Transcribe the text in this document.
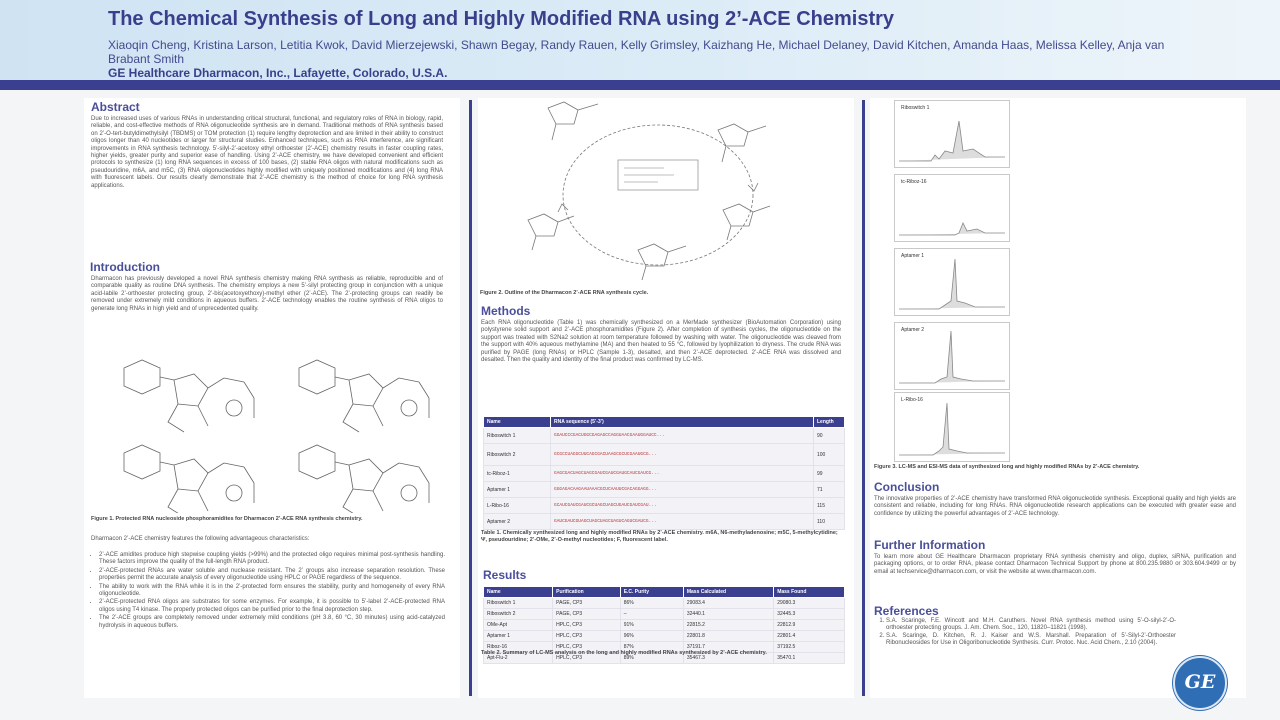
The Chemical Synthesis of Long and Highly Modified RNA using 2’-ACE Chemistry
Xiaoqin Cheng, Kristina Larson, Letitia Kwok, David Mierzejewski, Shawn Begay, Randy Rauen, Kelly Grimsley, Kaizhang He, Michael Delaney, David Kitchen, Amanda Haas, Melissa Kelley, Anja van Brabant Smith
GE Healthcare Dharmacon, Inc., Lafayette, Colorado, U.S.A.
Abstract
Due to increased uses of various RNAs in understanding critical structural, functional, and regulatory roles of RNA in biology, rapid, reliable, and cost-effective methods of RNA oligonucleotide synthesis are in demand. Traditional methods of RNA synthesis based on 2’-O-tert-butyldimethylsilyl (TBDMS) or TOM protection (1) require lengthy deprotection and are limited in their ability to construct oligos longer than 40 nucleotides or larger for structural studies. Enhanced techniques, such as RNA interference, are significant improvements in RNA synthesis technology. 5’-silyl-2’-acetoxy ethyl orthoester (2’-ACE) chemistry results in faster coupling rates, higher yields, greater purity and superior ease of handling. Using 2’-ACE chemistry, we have developed convenient and efficient protocols to synthesize (1) long RNA sequences in excess of 100 bases, (2) stable RNA oligos with natural modifications such as pseudouridine, m6A, and m5C, (3) RNA oligonucleotides highly modified with uniquely positioned modifications and (4) long RNA with fluorescent labels. Our results clearly demonstrate that 2’-ACE chemistry is the method of choice for long RNA synthesis applications.
Introduction
Dharmacon has previously developed a novel RNA synthesis chemistry making RNA synthesis as reliable, reproducible and of comparable quality as routine DNA synthesis. The chemistry employs a new 5’-silyl protecting group in conjunction with a unique acid-labile 2’-orthoester protecting group, 2’-bis(acetoxyethoxy)-methyl ether (2’-ACE). The 2’-protecting groups can readily be removed under extremely mild conditions in aqueous buffers. 2’-ACE technology enables the routine synthesis of RNA oligos to generate long RNAs in high yield and of unprecedented quality.
Figure 1. Protected RNA nucleoside phosphoramidites for Dharmacon 2’-ACE RNA synthesis chemistry.
Dharmacon 2’-ACE chemistry features the following advantageous characteristics:
• 2’-ACE amidites produce high stepwise coupling yields (>99%) and the protected oligo requires minimal post-synthesis handling. These factors improve the quality of the full-length RNA product.
• 2’-ACE-protected RNAs are water soluble and nuclease resistant. The 2’ groups also increase separation resolution. These properties permit the accurate analysis of every oligonucleotide using HPLC or PAGE regardless of the sequence.
• The ability to work with the RNA while it is in the 2’-protected form ensures the stability, purity and homogeneity of every RNA oligonucleotide.
• 2’-ACE-protected RNA oligos are substrates for some enzymes. For example, it is possible to 5’-label 2’-ACE-protected RNA oligos using T4 kinase. The properly protected oligos can be purified prior to the final deprotection step.
• The 2’-ACE groups are completely removed under extremely mild conditions (pH 3.8, 60 °C, 30 minutes) using acid-catalyzed hydrolysis in aqueous buffers.
Figure 2. Outline of the Dharmacon 2’-ACE RNA synthesis cycle.
Methods
Each RNA oligonucleotide (Table 1) was chemically synthesized on a MerMade synthesizer (BioAutomation Corporation) using polystyrene solid support and 2’-ACE phosphoramidites (Figure 2). After completion of synthesis cycles, the oligonucleotide on the support was treated with S2Na2 solution at room temperature followed by washing with water. The oligonucleotide was cleaved from the support with 40% aqueous methylamine (MA) and then heated to 55 °C, followed by lyophilization to dryness. The crude RNA was purified by PAGE (long RNAs) or HPLC (Sample 1-3), desalted, and then 2’-ACE deprotected. 2’-ACE RNA was dissolved and desalted. Then the quality and identity of the final product was confirmed by LC-MS.
Name	RNA sequence (5’-3’)	Length
Riboswitch 1	GGAUCCCGACUGGCGAGAGCCAGGUAACGAAUGGAUCC...	90
Riboswitch 2	GCGCCUAGGCUUCAGCGACUAAGCGCUCGAAUGCG...	100
tc-Riboz-1	GAGCGACUAGCUAGCGAUCGAUCGAUGCAUCGAUCG...	99
Aptamer 1	GGGAGACAAGAAUAAACGCUCAAUUCGACAGGAGG...	71
L-Ribo-16	GCAUCGAUCGAUCGCUAGCUAGCUGAUCGAUCGAU...	115
Aptamer 2	GAUCGAUCGUAGCUAGCUAGCUAGUCAGUCGAUCG...	110
Table 1. Chemically synthesized long and highly modified RNAs by 2’-ACE chemistry. m6A, N6-methyladenosine; m5C, 5-methylcytidine; Ψ, pseudouridine; 2’-OMe, 2’-O-methyl nucleotides; F, fluorescent label.
Results
Name	Purification	E.C. Purity	Mass Calculated	Mass Found
Riboswitch 1	PAGE, CP3	86%	29083.4	29080.3
Riboswitch 2	PAGE, CP3	–	32440.1	32445.3
OMe-Apt	HPLC, CP3	91%	22815.2	22812.9
Aptamer 1	HPLC, CP3	96%	22801.8	22801.4
Riboz-16	HPLC, CP3	87%	37191.7	37192.5
Apt-Flu-2	HPLC, CP3	89%	35467.3	35470.1
Table 2. Summary of LC-MS analysis on the long and highly modified RNAs synthesized by 2’-ACE chemistry.
Riboswitch 1
tc-Riboz-16
Aptamer 1
Aptamer 2
L-Ribo-16
Figure 3. LC-MS and ESI-MS data of synthesized long and highly modified RNAs by 2’-ACE chemistry.
Conclusion
The innovative properties of 2’-ACE chemistry have transformed RNA oligonucleotide synthesis. Exceptional quality and high yields are consistent and reliable, including for long RNAs. RNA oligonucleotide research applications can be executed with greater ease and confidence by utilizing the powerful advantages of 2’-ACE technology.
Further Information
To learn more about GE Healthcare Dharmacon proprietary RNA synthesis chemistry and oligo, duplex, siRNA, purification and packaging options, or to order RNA, please contact Dharmacon Technical Support by phone at 800.235.9880 or 303.604.9499 or by email at techservice@dharmacon.com, or visit the website at www.dharmacon.com.
References
1. S.A. Scaringe, F.E. Wincott and M.H. Caruthers. Novel RNA synthesis method using 5’-O-silyl-2’-O-orthoester protecting groups. J. Am. Chem. Soc., 120, 11820–11821 (1998).
2. S.A. Scaringe, D. Kitchen, R. J. Kaiser and W.S. Marshall. Preparation of 5’-Silyl-2’-Orthoester Ribonucleosides for Use in Oligoribonucleotide Synthesis. Curr. Protoc. Nuc. Acid Chem., 2.10 (2004).
GE
